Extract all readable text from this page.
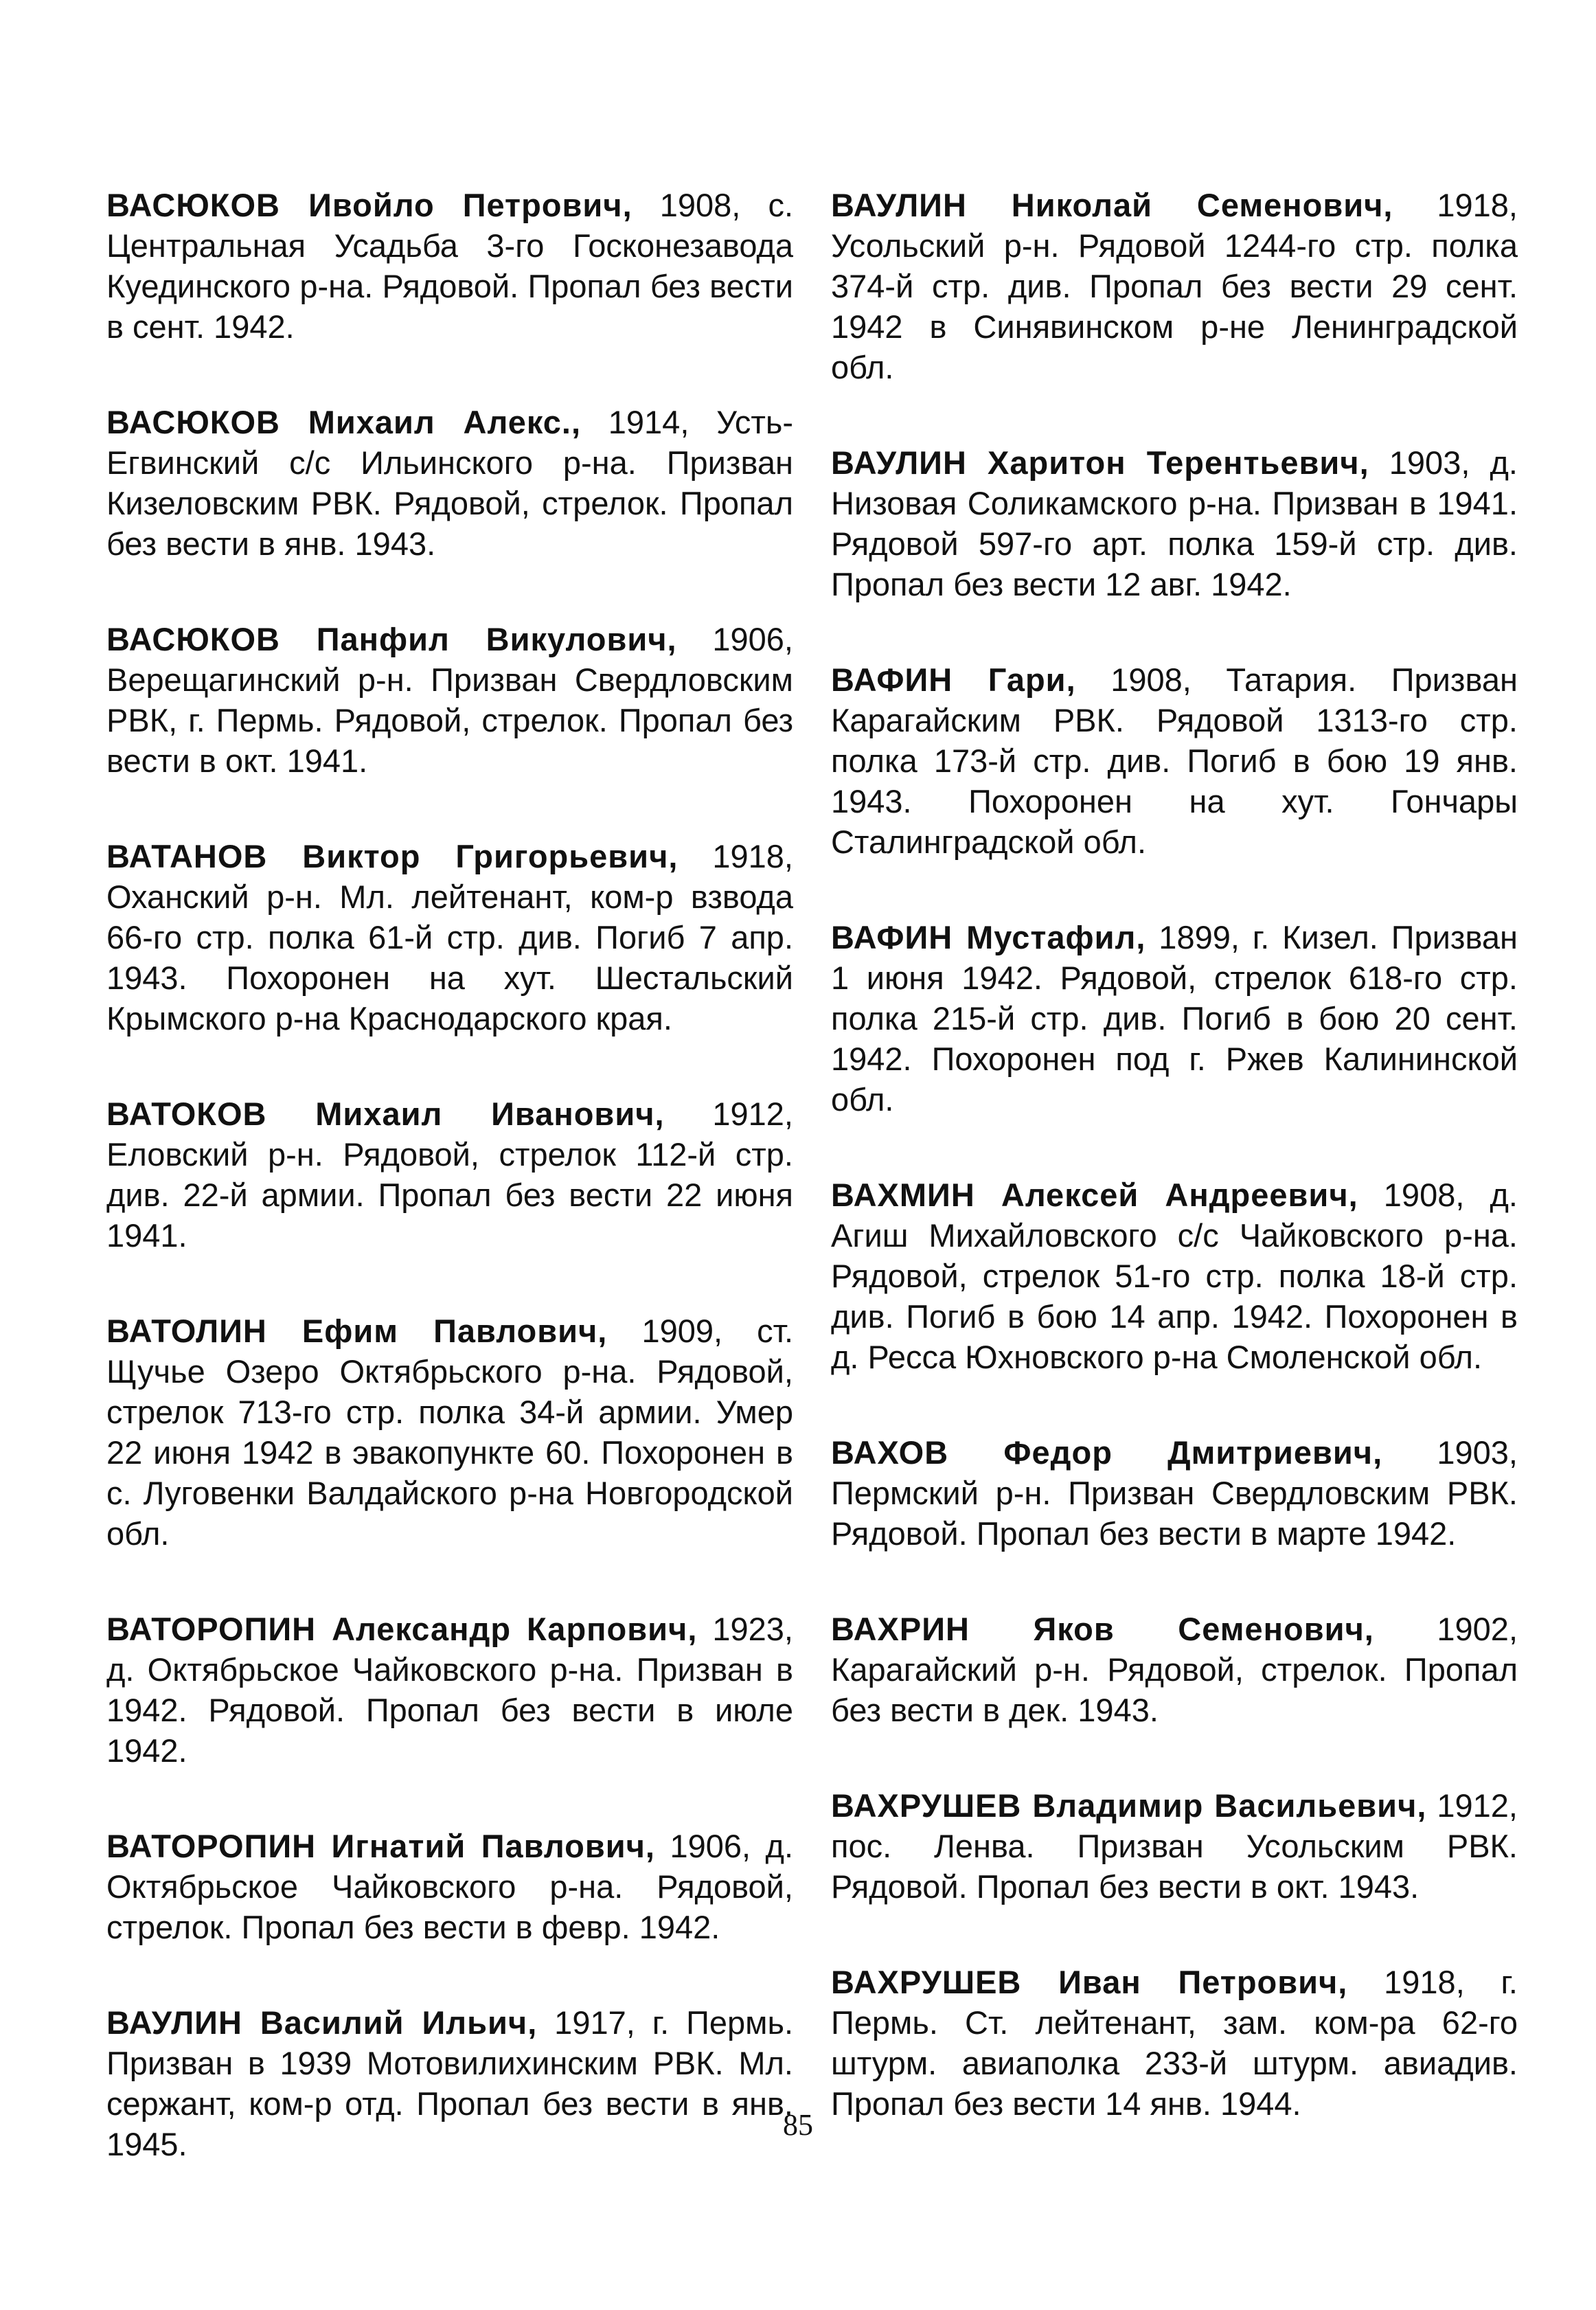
ВАСЮКОВ Ивойло Петрович, 1908, с. Центральная Усадьба 3-го Госконезавода Куединского р-на. Рядовой. Пропал без вести в сент. 1942.

ВАСЮКОВ Михаил Алекс., 1914, Усть-Егвинский с/с Ильинского р-на. Призван Кизеловским РВК. Рядовой, стрелок. Пропал без вести в янв. 1943.

ВАСЮКОВ Панфил Викулович, 1906, Верещагинский р-н. Призван Свердловским РВК, г. Пермь. Рядовой, стрелок. Пропал без вести в окт. 1941.

ВАТАНОВ Виктор Григорьевич, 1918, Оханский р-н. Мл. лейтенант, ком-р взвода 66-го стр. полка 61-й стр. див. Погиб 7 апр. 1943. Похоронен на хут. Шестальский Крымского р-на Краснодарского края.

ВАТОКОВ Михаил Иванович, 1912, Еловский р-н. Рядовой, стрелок 112-й стр. див. 22-й армии. Пропал без вести 22 июня 1941.

ВАТОЛИН Ефим Павлович, 1909, ст. Щучье Озеро Октябрьского р-на. Рядовой, стрелок 713-го стр. полка 34-й армии. Умер 22 июня 1942 в эвакопункте 60. Похоронен в с. Луговенки Валдайского р-на Новгородской обл.

ВАТОРОПИН Александр Карпович, 1923, д. Октябрьское Чайковского р-на. Призван в 1942. Рядовой. Пропал без вести в июле 1942.

ВАТОРОПИН Игнатий Павлович, 1906, д. Октябрьское Чайковского р-на. Рядовой, стрелок. Пропал без вести в февр. 1942.

ВАУЛИН Василий Ильич, 1917, г. Пермь. Призван в 1939 Мотовилихинским РВК. Мл. сержант, ком-р отд. Пропал без вести в янв. 1945.

ВАУЛИН Николай Семенович, 1918, Усольский р-н. Рядовой 1244-го стр. полка 374-й стр. див. Пропал без вести 29 сент. 1942 в Синявинском р-не Ленинградской обл.

ВАУЛИН Харитон Терентьевич, 1903, д. Низовая Соликамского р-на. Призван в 1941. Рядовой 597-го арт. полка 159-й стр. див. Пропал без вести 12 авг. 1942.

ВАФИН Гари, 1908, Татария. Призван Карагайским РВК. Рядовой 1313-го стр. полка 173-й стр. див. Погиб в бою 19 янв. 1943. Похоронен на хут. Гончары Сталинградской обл.

ВАФИН Мустафил, 1899, г. Кизел. Призван 1 июня 1942. Рядовой, стрелок 618-го стр. полка 215-й стр. див. Погиб в бою 20 сент. 1942. Похоронен под г. Ржев Калининской обл.

ВАХМИН Алексей Андреевич, 1908, д. Агиш Михайловского с/с Чайковского р-на. Рядовой, стрелок 51-го стр. полка 18-й стр. див. Погиб в бою 14 апр. 1942. Похоронен в д. Ресса Юхновского р-на Смоленской обл.

ВАХОВ Федор Дмитриевич, 1903, Пермский р-н. Призван Свердловским РВК. Рядовой. Пропал без вести в марте 1942.

ВАХРИН Яков Семенович, 1902, Карагайский р-н. Рядовой, стрелок. Пропал без вести в дек. 1943.

ВАХРУШЕВ Владимир Васильевич, 1912, пос. Ленва. Призван Усольским РВК. Рядовой. Пропал без вести в окт. 1943.

ВАХРУШЕВ Иван Петрович, 1918, г. Пермь. Ст. лейтенант, зам. ком-ра 62-го штурм. авиаполка 233-й штурм. авиадив. Пропал без вести 14 янв. 1944.

85
